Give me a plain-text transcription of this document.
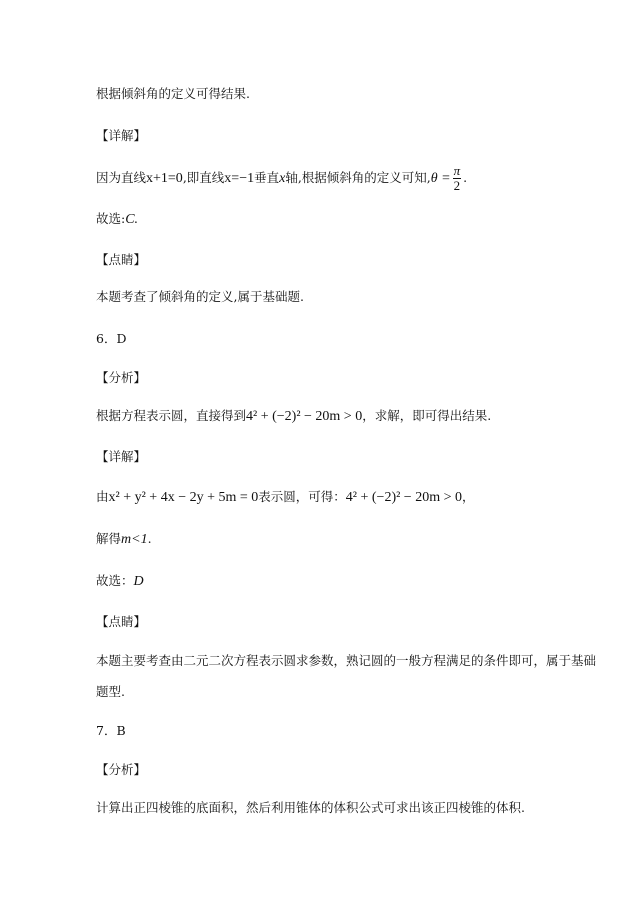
根据倾斜角的定义可得结果.
【详解】
因为直线x+1=0,即直线x=−1垂直x轴,根据倾斜角的定义可知$,\theta = \frac{\pi}{2}$ .
故选:C.
【点睛】
本题考查了倾斜角的定义,属于基础题.
6．D
【分析】
根据方程表示圆，直接得到4² + (−2)² − 20m > 0，求解，即可得出结果.
【详解】
由x² + y² + 4x − 2y + 5m = 0表示圆，可得：4² + (−2)² − 20m > 0，
解得m<1.
故选：D
【点睛】
本题主要考查由二元二次方程表示圆求参数，熟记圆的一般方程满足的条件即可，属于基础
题型.
7．B
【分析】
计算出正四棱锥的底面积，然后利用锥体的体积公式可求出该正四棱锥的体积.
